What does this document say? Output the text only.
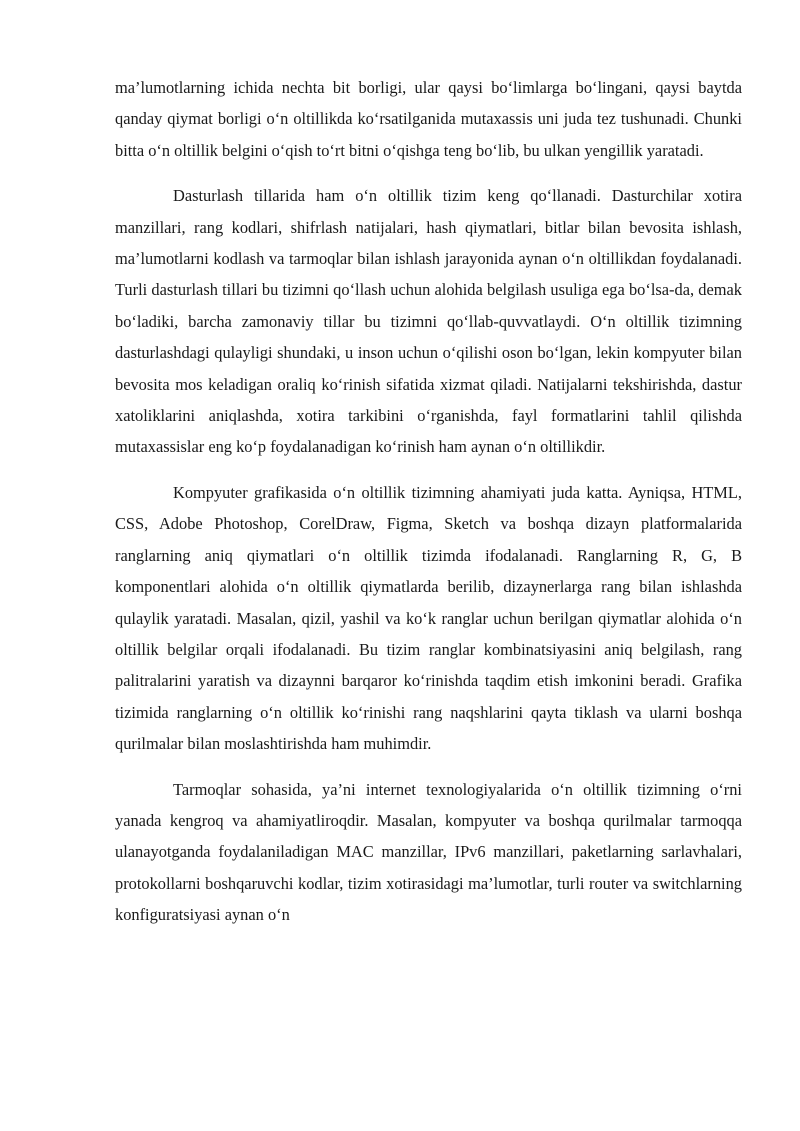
ma’lumotlarning ichida nechta bit borligi, ular qaysi bo‘limlarga bo‘lingani, qaysi baytda qanday qiymat borligi o‘n oltillikda ko‘rsatilganida mutaxassis uni juda tez tushunadi. Chunki bitta o‘n oltillik belgini o‘qish to‘rt bitni o‘qishga teng bo‘lib, bu ulkan yengillik yaratadi.

Dasturlash tillarida ham o‘n oltillik tizim keng qo‘llanadi. Dasturchilar xotira manzillari, rang kodlari, shifrlash natijalari, hash qiymatlari, bitlar bilan bevosita ishlash, ma’lumotlarni kodlash va tarmoqlar bilan ishlash jarayonida aynan o‘n oltillikdan foydalanadi. Turli dasturlash tillari bu tizimni qo‘llash uchun alohida belgilash usuliga ega bo‘lsa-da, demak bo‘ladiki, barcha zamonaviy tillar bu tizimni qo‘llab-quvvatlaydi. O‘n oltillik tizimning dasturlashdagi qulayligi shundaki, u inson uchun o‘qilishi oson bo‘lgan, lekin kompyuter bilan bevosita mos keladigan oraliq ko‘rinish sifatida xizmat qiladi. Natijalarni tekshirishda, dastur xatoliklarini aniqlashda, xotira tarkibini o‘rganishda, fayl formatlarini tahlil qilishda mutaxassislar eng ko‘p foydalanadigan ko‘rinish ham aynan o‘n oltillikdir.

Kompyuter grafikasida o‘n oltillik tizimning ahamiyati juda katta. Ayniqsa, HTML, CSS, Adobe Photoshop, CorelDraw, Figma, Sketch va boshqa dizayn platformalarida ranglarning aniq qiymatlari o‘n oltillik tizimda ifodalanadi. Ranglarning R, G, B komponentlari alohida o‘n oltillik qiymatlarda berilib, dizaynerlarga rang bilan ishlashda qulaylik yaratadi. Masalan, qizil, yashil va ko‘k ranglar uchun berilgan qiymatlar alohida o‘n oltillik belgilar orqali ifodalanadi. Bu tizim ranglar kombinatsiyasini aniq belgilash, rang palitralarini yaratish va dizaynni barqaror ko‘rinishda taqdim etish imkonini beradi. Grafika tizimida ranglarning o‘n oltillik ko‘rinishi rang naqshlarini qayta tiklash va ularni boshqa qurilmalar bilan moslashtirishda ham muhimdir.

Tarmoqlar sohasida, ya’ni internet texnologiyalarida o‘n oltillik tizimning o‘rni yanada kengroq va ahamiyatliroqdir. Masalan, kompyuter va boshqa qurilmalar tarmoqqa ulanayotganda foydalaniladigan MAC manzillar, IPv6 manzillari, paketlarning sarlavhalari, protokollarni boshqaruvchi kodlar, tizim xotirasidagi ma’lumotlar, turli router va switchlarning konfiguratsiyasi aynan o‘n
